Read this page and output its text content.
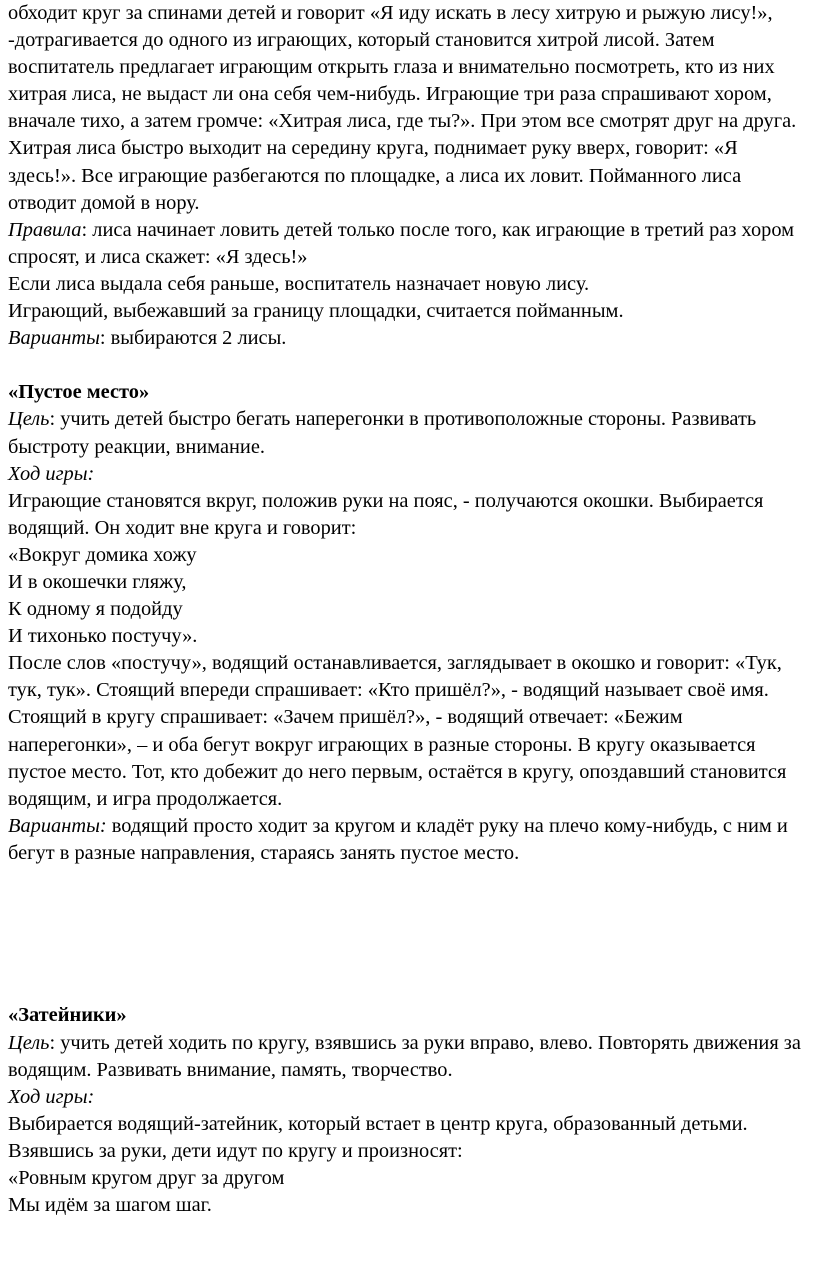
обходит круг за спинами детей и говорит «Я иду искать в лесу хитрую и рыжую лису!», -дотрагивается до одного из играющих, который становится хитрой лисой. Затем воспитатель предлагает играющим открыть глаза и внимательно посмотреть, кто из них хитрая лиса, не выдаст ли она себя чем-нибудь. Играющие три раза спрашивают хором, вначале тихо, а затем громче: «Хитрая лиса, где ты?». При этом все смотрят друг на друга. Хитрая лиса быстро выходит на середину круга, поднимает руку вверх, говорит: «Я здесь!». Все играющие разбегаются по площадке, а лиса их ловит. Пойманного лиса отводит домой в нору.

Правила: лиса начинает ловить детей только после того, как играющие в третий раз хором спросят, и лиса скажет: «Я здесь!»

Если лиса выдала себя раньше, воспитатель назначает новую лису.

Играющий, выбежавший за границу площадки, считается пойманным.

Варианты: выбираются 2 лисы.

«Пустое место»

Цель: учить детей быстро бегать наперегонки в противоположные стороны. Развивать быстроту реакции, внимание.

Ход игры:

Играющие становятся вкруг, положив руки на пояс, - получаются окошки. Выбирается водящий. Он ходит вне круга и говорит:

«Вокруг домика хожу

И в окошечки гляжу,

К одному я подойду

И тихонько постучу».

После слов «постучу», водящий останавливается, заглядывает в окошко и говорит: «Тук, тук, тук». Стоящий впереди спрашивает: «Кто пришёл?», - водящий называет своё имя. Стоящий в кругу спрашивает: «Зачем пришёл?», - водящий отвечает: «Бежим наперегонки», – и оба бегут вокруг играющих в разные стороны. В кругу оказывается пустое место. Тот, кто добежит до него первым, остаётся в кругу, опоздавший становится водящим, и игра продолжается.

Варианты: водящий просто ходит за кругом и кладёт руку на плечо кому-нибудь, с ним и бегут в разные направления, стараясь занять пустое место.

«Затейники»

Цель: учить детей ходить по кругу, взявшись за руки вправо, влево. Повторять движения за водящим. Развивать внимание, память, творчество.

Ход игры:

Выбирается водящий-затейник, который встает в центр круга, образованный детьми. Взявшись за руки, дети идут по кругу и произносят:

«Ровным кругом друг за другом

Мы идём за шагом шаг.
